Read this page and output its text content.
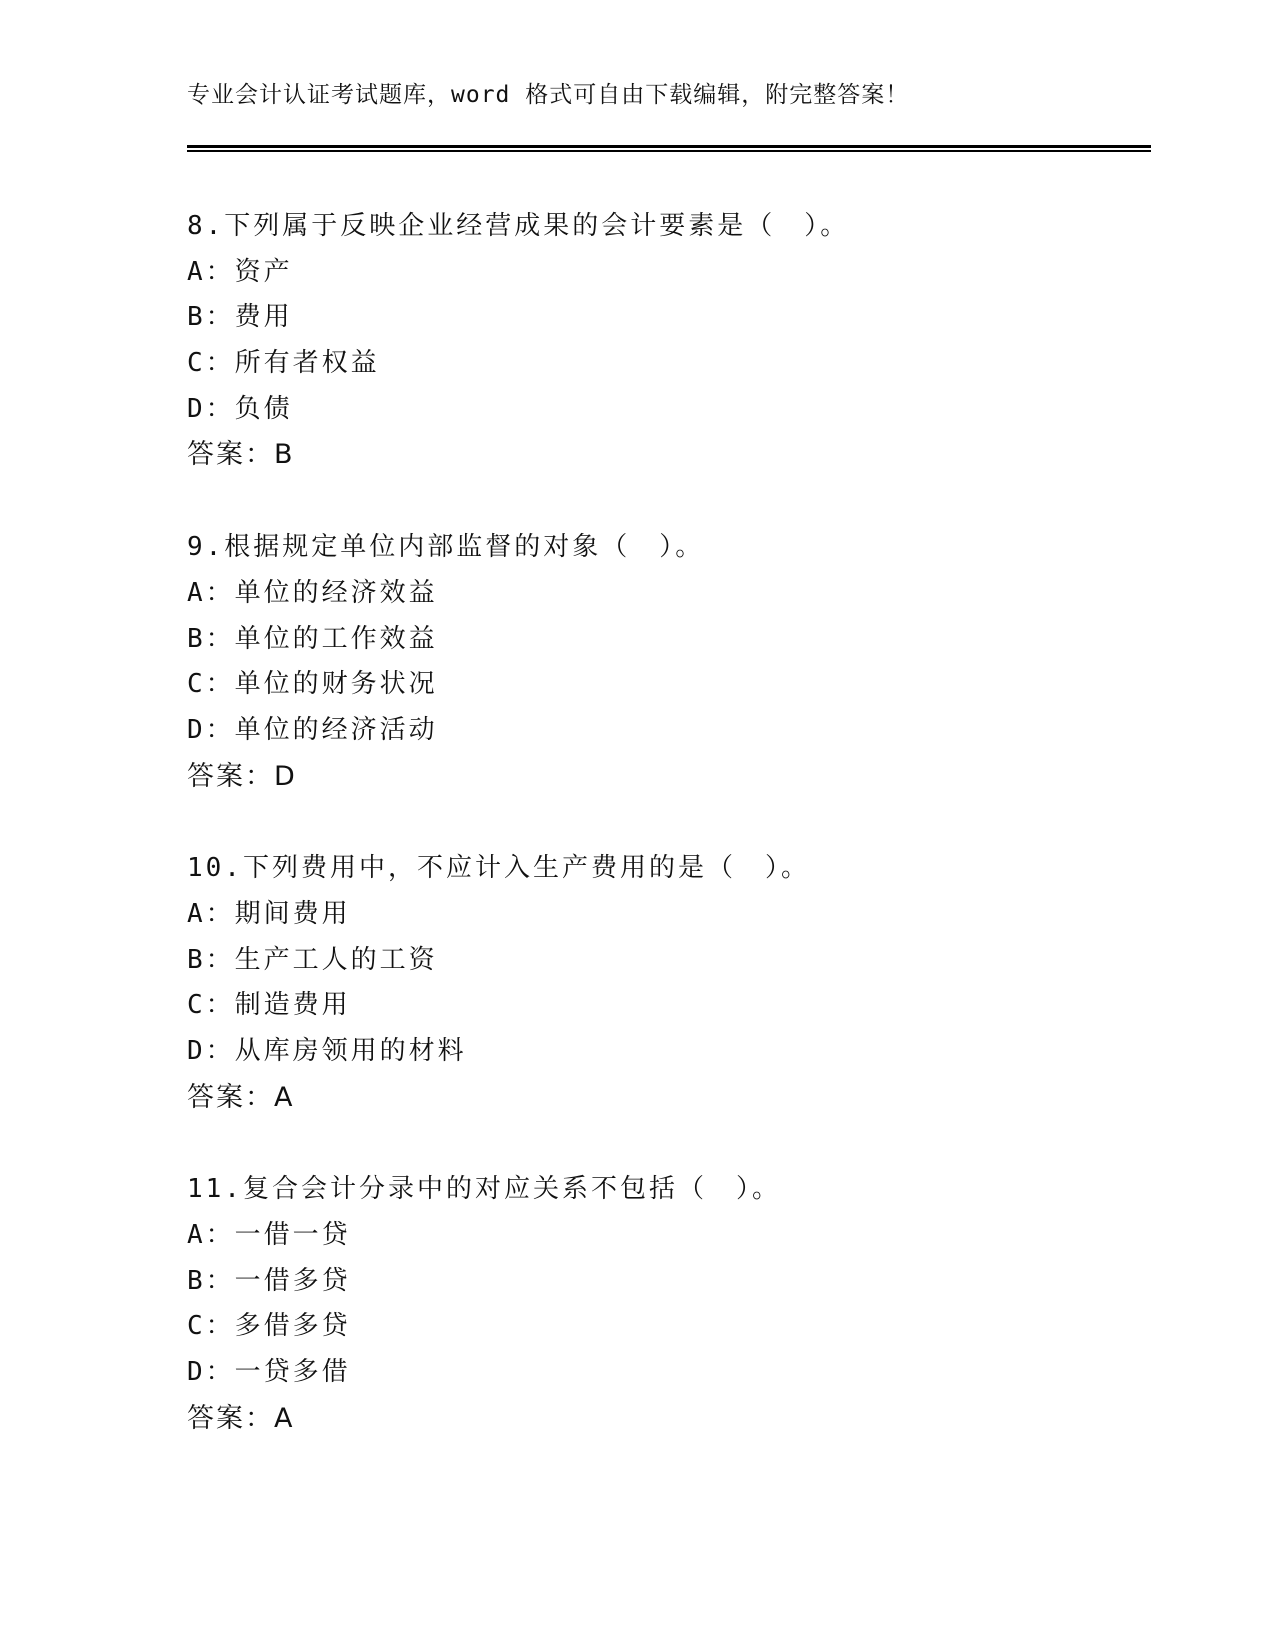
专业会计认证考试题库，word 格式可自由下载编辑，附完整答案！
8.下列属于反映企业经营成果的会计要素是（　）。
A：资产
B：费用
C：所有者权益
D：负债
答案：B
9.根据规定单位内部监督的对象（　）。
A：单位的经济效益
B：单位的工作效益
C：单位的财务状况
D：单位的经济活动
答案：D
10.下列费用中，不应计入生产费用的是（　）。
A：期间费用
B：生产工人的工资
C：制造费用
D：从库房领用的材料
答案：A
11.复合会计分录中的对应关系不包括（　）。
A：一借一贷
B：一借多贷
C：多借多贷
D：一贷多借
答案：A
